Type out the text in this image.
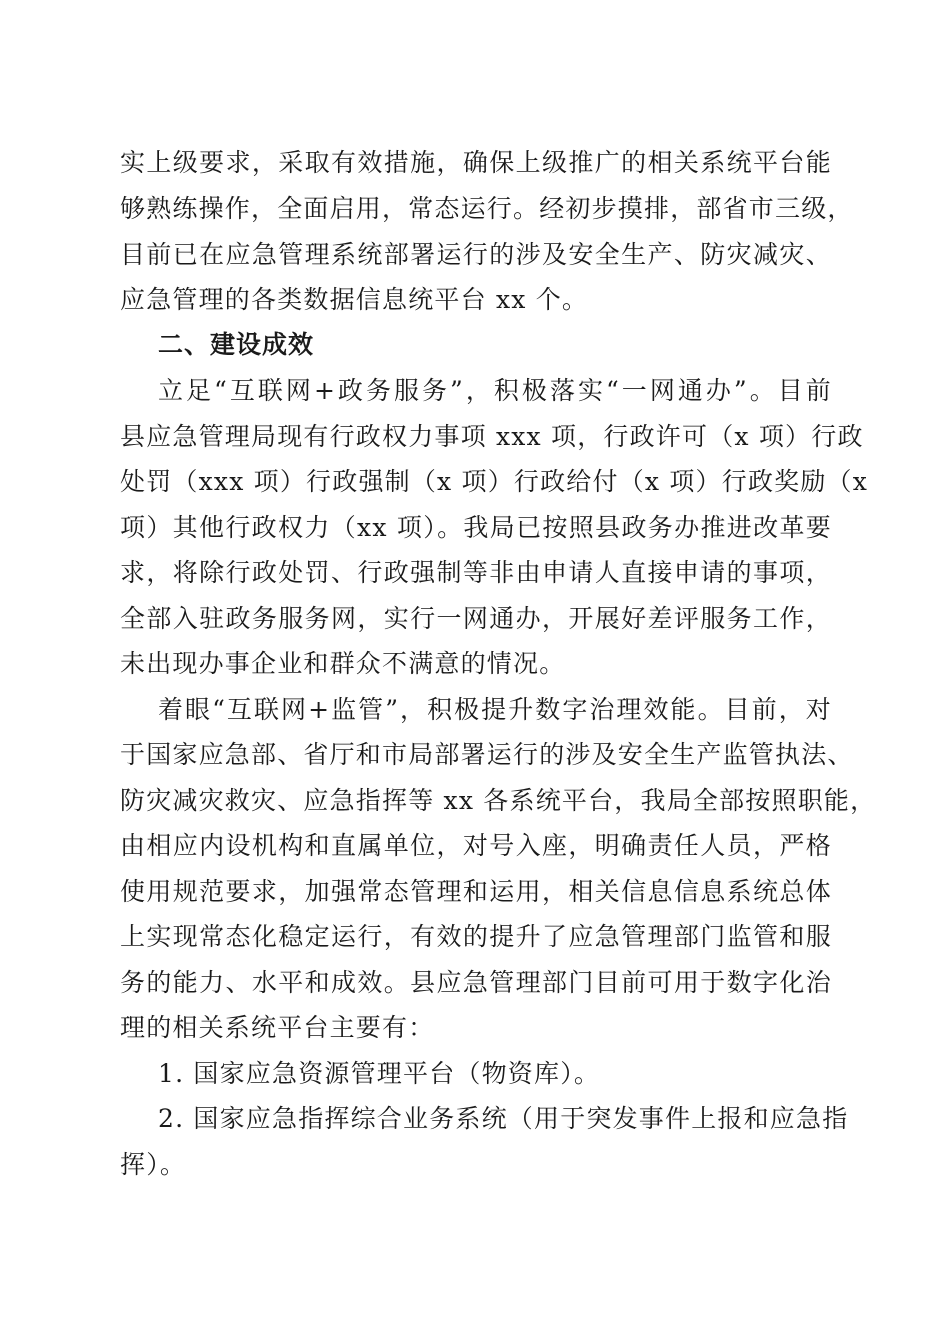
实上级要求，采取有效措施，确保上级推广的相关系统平台能
够熟练操作，全面启用，常态运行。经初步摸排，部省市三级，
目前已在应急管理系统部署运行的涉及安全生产、防灾减灾、
应急管理的各类数据信息统平台 xx 个。
二、建设成效
立足“互联网+政务服务”，积极落实“一网通办”。目前
县应急管理局现有行政权力事项 xxx 项，行政许可（x 项）行政
处罚（xxx 项）行政强制（x 项）行政给付（x 项）行政奖励（x
项）其他行政权力（xx 项）。我局已按照县政务办推进改革要
求，将除行政处罚、行政强制等非由申请人直接申请的事项，
全部入驻政务服务网，实行一网通办，开展好差评服务工作，
未出现办事企业和群众不满意的情况。
着眼“互联网+监管”，积极提升数字治理效能。目前，对
于国家应急部、省厅和市局部署运行的涉及安全生产监管执法、
防灾减灾救灾、应急指挥等 xx 各系统平台，我局全部按照职能，
由相应内设机构和直属单位，对号入座，明确责任人员，严格
使用规范要求，加强常态管理和运用，相关信息信息系统总体
上实现常态化稳定运行，有效的提升了应急管理部门监管和服
务的能力、水平和成效。县应急管理部门目前可用于数字化治
理的相关系统平台主要有：
1. 国家应急资源管理平台（物资库）。
2. 国家应急指挥综合业务系统（用于突发事件上报和应急指
挥）。
